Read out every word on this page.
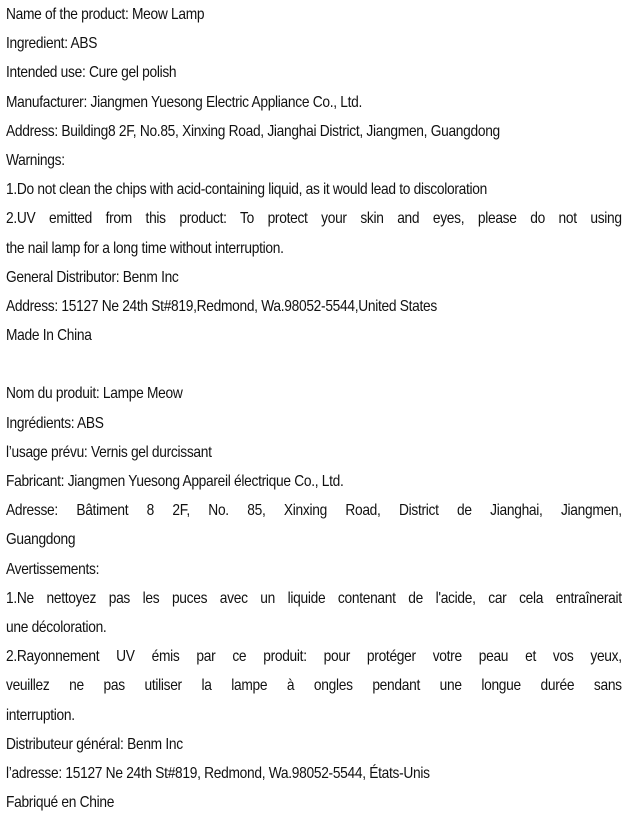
Name of the product: Meow Lamp
Ingredient: ABS
Intended use: Cure gel polish
Manufacturer: Jiangmen Yuesong Electric Appliance Co., Ltd.
Address: Building8 2F, No.85, Xinxing Road, Jianghai District, Jiangmen, Guangdong
Warnings:
1.Do not clean the chips with acid-containing liquid, as it would lead to discoloration
2.UV emitted from this product: To protect your skin and eyes, please do not using
the nail lamp for a long time without interruption.
General Distributor: Benm Inc
Address: 15127 Ne 24th St#819,Redmond, Wa.98052-5544,United States
Made In China
Nom du produit: Lampe Meow
Ingrédients: ABS
l’usage prévu: Vernis gel durcissant
Fabricant: Jiangmen Yuesong Appareil électrique Co., Ltd.
Adresse: Bâtiment 8 2F, No. 85, Xinxing Road, District de Jianghai, Jiangmen,
Guangdong
Avertissements:
1.Ne nettoyez pas les puces avec un liquide contenant de l'acide, car cela entraînerait
une décoloration.
2.Rayonnement UV émis par ce produit: pour protéger votre peau et vos yeux,
veuillez ne pas utiliser la lampe à ongles pendant une longue durée sans
interruption.
Distributeur général: Benm Inc
l’adresse: 15127 Ne 24th St#819, Redmond, Wa.98052-5544, États-Unis
Fabriqué en Chine
